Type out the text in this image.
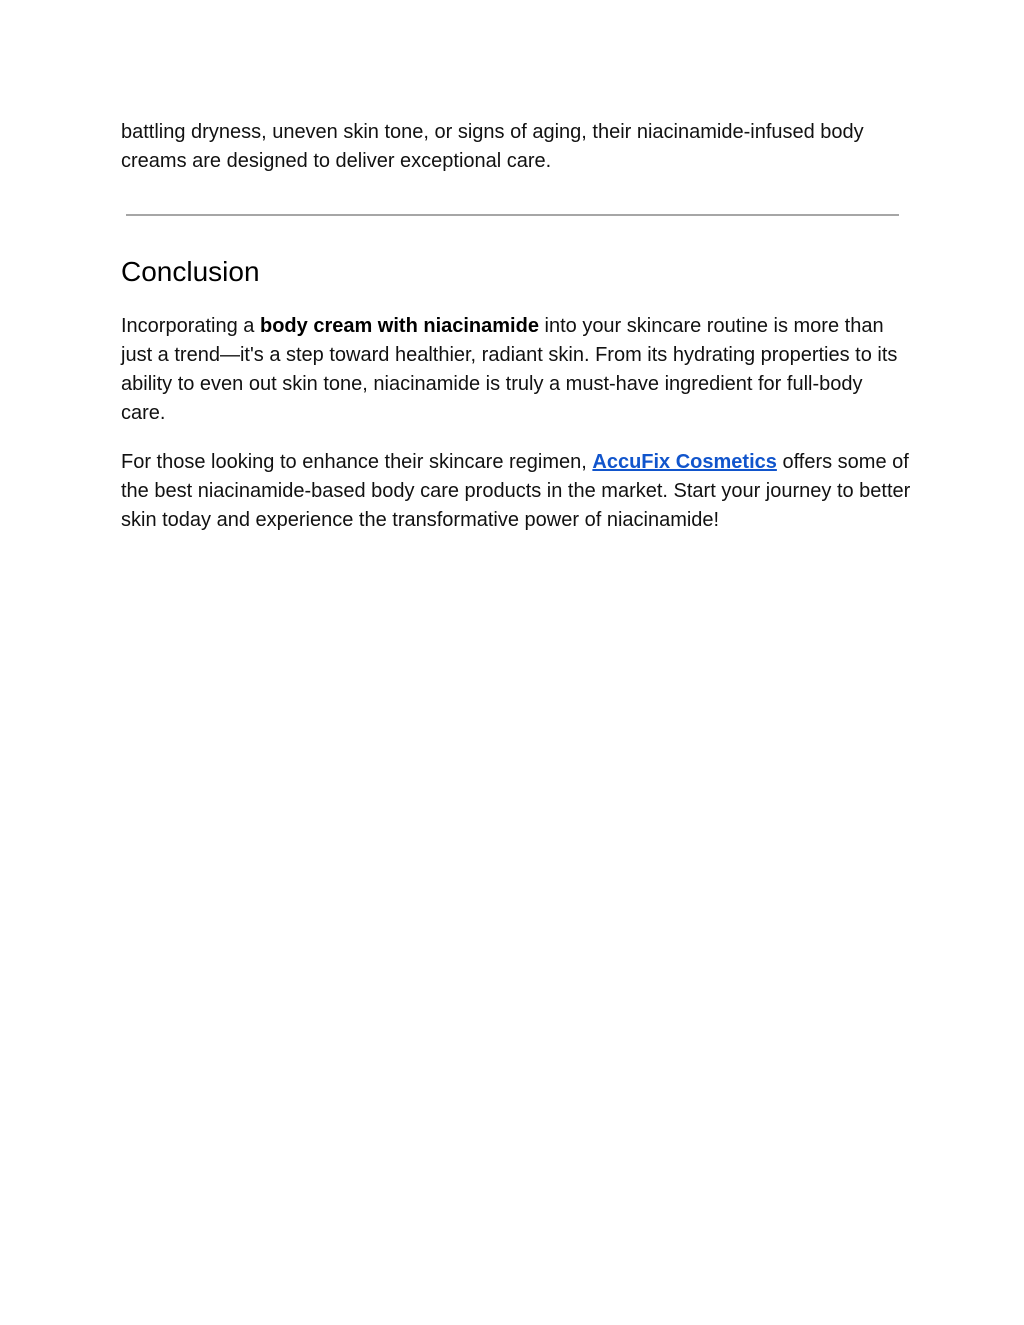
battling dryness, uneven skin tone, or signs of aging, their niacinamide-infused body creams are designed to deliver exceptional care.

Conclusion

Incorporating a body cream with niacinamide into your skincare routine is more than just a trend—it's a step toward healthier, radiant skin. From its hydrating properties to its ability to even out skin tone, niacinamide is truly a must-have ingredient for full-body care.

For those looking to enhance their skincare regimen, AccuFix Cosmetics offers some of the best niacinamide-based body care products in the market. Start your journey to better skin today and experience the transformative power of niacinamide!
